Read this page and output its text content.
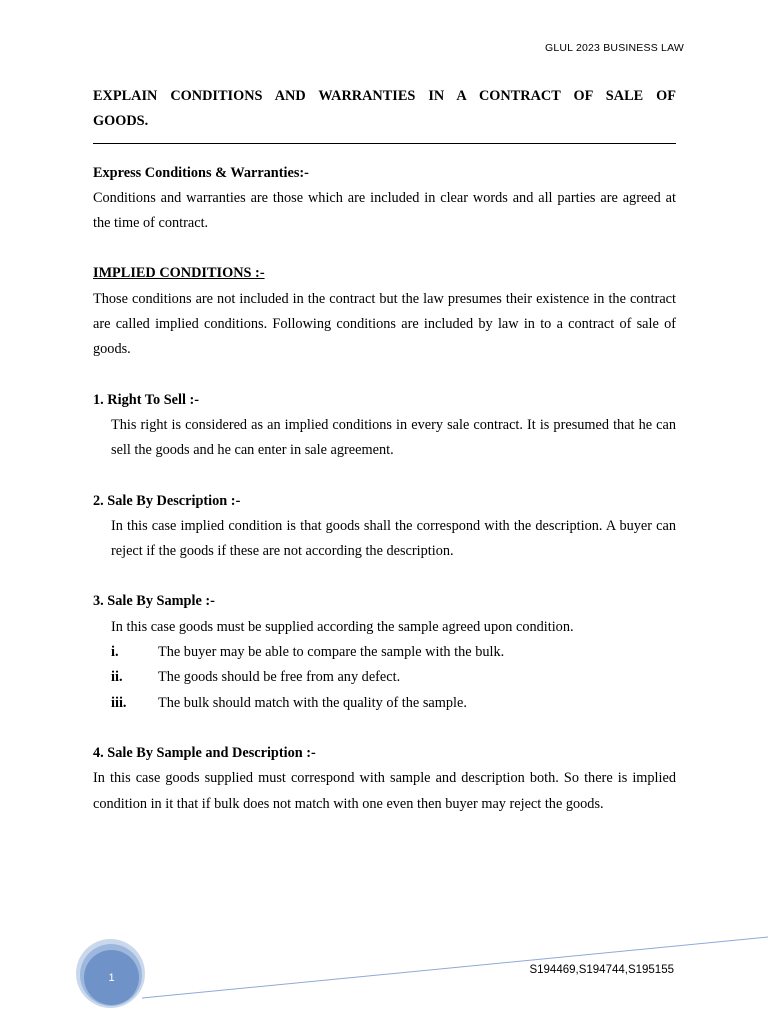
GLUL 2023 BUSINESS LAW

EXPLAIN CONDITIONS AND WARRANTIES IN A CONTRACT OF SALE OF GOODS.

Express Conditions & Warranties:-

Conditions and warranties are those which are included in clear words and all parties are agreed at the time of contract.

IMPLIED CONDITIONS :-

Those conditions are not included in the contract but the law presumes their existence in the contract are called implied conditions. Following conditions are included by law in to a contract of sale of goods.

1. Right To Sell :-

This right is considered as an implied conditions in every sale contract. It is presumed that he can sell the goods and he can enter in sale agreement.

2. Sale By Description :-

In this case implied condition is that goods shall the correspond with the description. A buyer can reject if the goods if these are not according the description.

3. Sale By Sample :-

In this case goods must be supplied according the sample agreed upon condition.

i.	The buyer may be able to compare the sample with the bulk.
ii.	The goods should be free from any defect.
iii.	The bulk should match with the quality of the sample.

4. Sale By Sample and Description :-

In this case goods supplied must correspond with sample and description both. So there is implied condition in it that if bulk does not match with one even then buyer may reject the goods.

1
S194469,S194744,S195155
